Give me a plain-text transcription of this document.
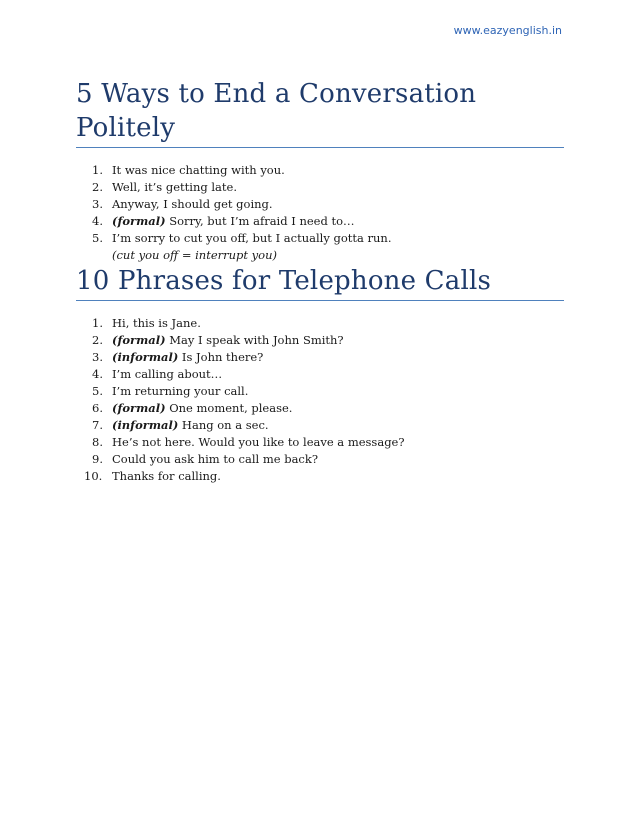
www.eazyenglish.in
5 Ways to End a Conversation Politely
1. It was nice chatting with you.
2. Well, it’s getting late.
3. Anyway, I should get going.
4. (formal) Sorry, but I’m afraid I need to…
5. I’m sorry to cut you off, but I actually gotta run.
(cut you off = interrupt you)
10 Phrases for Telephone Calls
1. Hi, this is Jane.
2. (formal) May I speak with John Smith?
3. (informal) Is John there?
4. I’m calling about…
5. I’m returning your call.
6. (formal) One moment, please.
7. (informal) Hang on a sec.
8. He’s not here. Would you like to leave a message?
9. Could you ask him to call me back?
10. Thanks for calling.
